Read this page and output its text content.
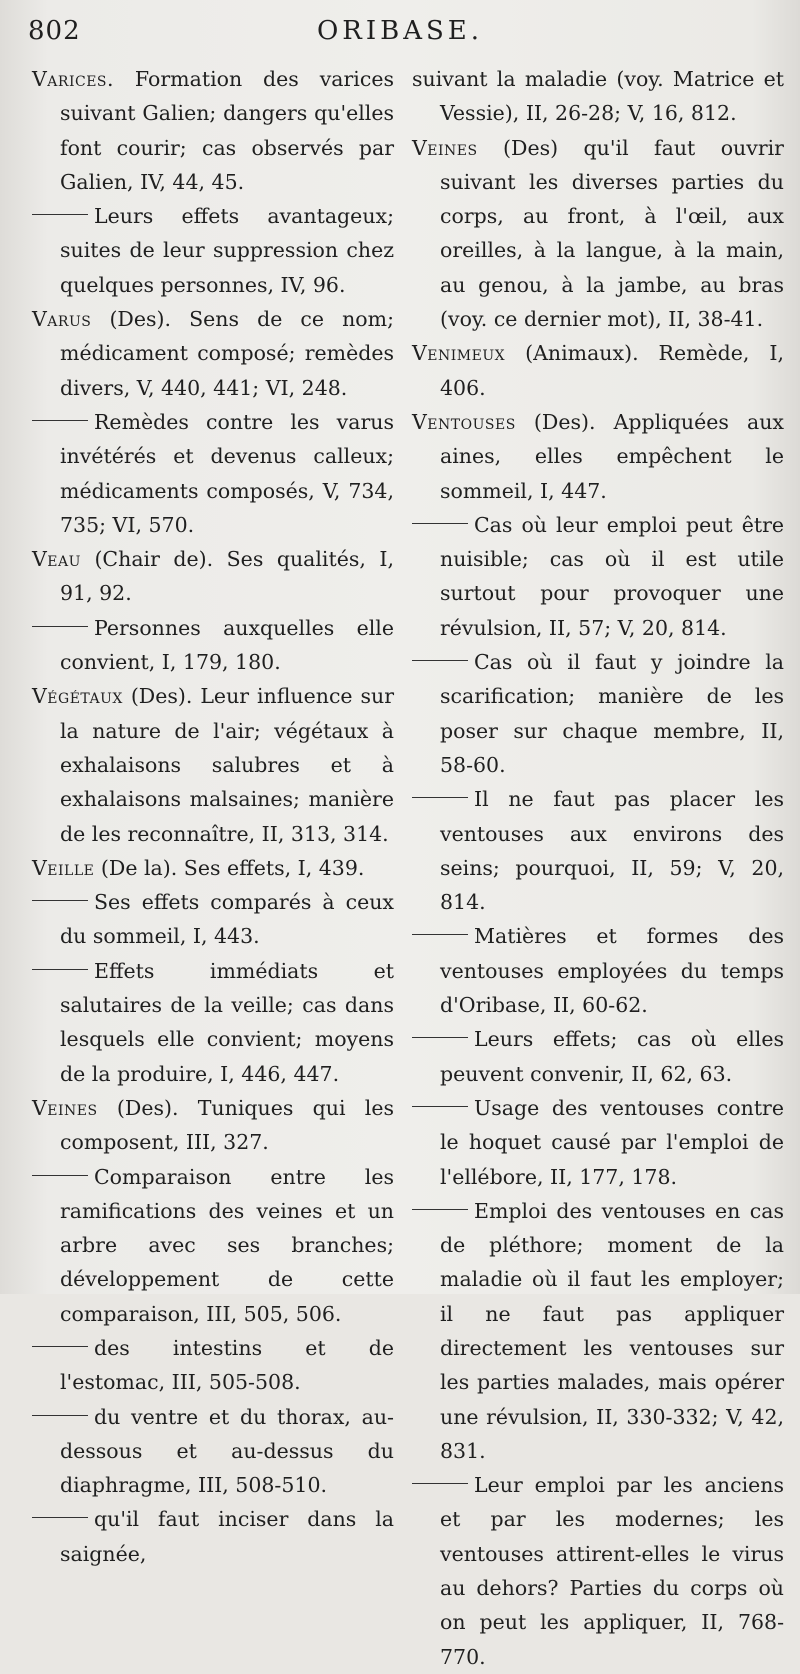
802	ORIBASE.

Varices. Formation des varices suivant Galien; dangers qu'elles font courir; cas observés par Galien, IV, 44, 45.

Leurs effets avantageux; suites de leur suppression chez quelques personnes, IV, 96.

Varus (Des). Sens de ce nom; médicament composé; remèdes divers, V, 440, 441; VI, 248.

Remèdes contre les varus invétérés et devenus calleux; médicaments composés, V, 734, 735; VI, 570.

Veau (Chair de). Ses qualités, I, 91, 92.

Personnes auxquelles elle convient, I, 179, 180.

Végétaux (Des). Leur influence sur la nature de l'air; végétaux à exhalaisons salubres et à exhalaisons malsaines; manière de les reconnaître, II, 313, 314.

Veille (De la). Ses effets, I, 439.

Ses effets comparés à ceux du sommeil, I, 443.

Effets immédiats et salutaires de la veille; cas dans lesquels elle convient; moyens de la produire, I, 446, 447.

Veines (Des). Tuniques qui les composent, III, 327.

Comparaison entre les ramifications des veines et un arbre avec ses branches; développement de cette comparaison, III, 505, 506.

des intestins et de l'estomac, III, 505-508.

du ventre et du thorax, au-dessous et au-dessus du diaphragme, III, 508-510.

qu'il faut inciser dans la saignée,

suivant la maladie (voy. Matrice et Vessie), II, 26-28; V, 16, 812.

Veines (Des) qu'il faut ouvrir suivant les diverses parties du corps, au front, à l'œil, aux oreilles, à la langue, à la main, au genou, à la jambe, au bras (voy. ce dernier mot), II, 38-41.

Venimeux (Animaux). Remède, I, 406.

Ventouses (Des). Appliquées aux aines, elles empêchent le sommeil, I, 447.

Cas où leur emploi peut être nuisible; cas où il est utile surtout pour provoquer une révulsion, II, 57; V, 20, 814.

Cas où il faut y joindre la scarification; manière de les poser sur chaque membre, II, 58-60.

Il ne faut pas placer les ventouses aux environs des seins; pourquoi, II, 59; V, 20, 814.

Matières et formes des ventouses employées du temps d'Oribase, II, 60-62.

Leurs effets; cas où elles peuvent convenir, II, 62, 63.

Usage des ventouses contre le hoquet causé par l'emploi de l'ellébore, II, 177, 178.

Emploi des ventouses en cas de pléthore; moment de la maladie où il faut les employer; il ne faut pas appliquer directement les ventouses sur les parties malades, mais opérer une révulsion, II, 330-332; V, 42, 831.

Leur emploi par les anciens et par les modernes; les ventouses attirent-elles le virus au dehors? Parties du corps où on peut les appliquer, II, 768-770.
